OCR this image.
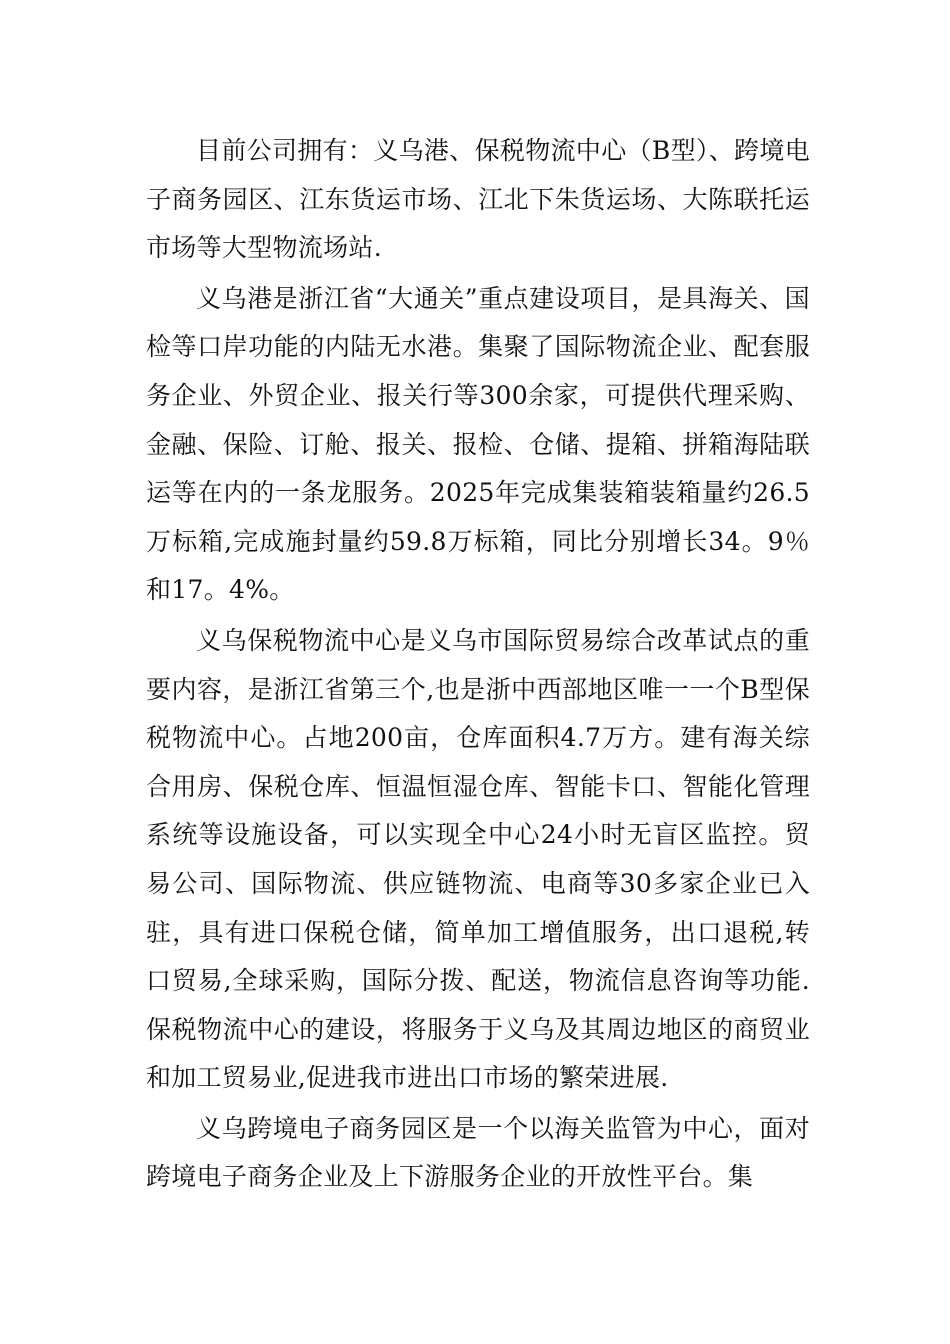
目前公司拥有：义乌港、保税物流中心（B型）、跨境电子商务园区、江东货运市场、江北下朱货运场、大陈联托运市场等大型物流场站.

义乌港是浙江省“大通关”重点建设项目，是具海关、国检等口岸功能的内陆无水港。集聚了国际物流企业、配套服务企业、外贸企业、报关行等300余家，可提供代理采购、金融、保险、订舱、报关、报检、仓储、提箱、拼箱海陆联运等在内的一条龙服务。2025年完成集装箱装箱量约26.5万标箱,完成施封量约59.8万标箱，同比分别增长34。9％和17。4%。

义乌保税物流中心是义乌市国际贸易综合改革试点的重要内容，是浙江省第三个,也是浙中西部地区唯一一个B型保税物流中心。占地200亩，仓库面积4.7万方。建有海关综合用房、保税仓库、恒温恒湿仓库、智能卡口、智能化管理系统等设施设备，可以实现全中心24小时无盲区监控。贸易公司、国际物流、供应链物流、电商等30多家企业已入驻，具有进口保税仓储，简单加工增值服务，出口退税,转口贸易,全球采购，国际分拨、配送，物流信息咨询等功能.保税物流中心的建设，将服务于义乌及其周边地区的商贸业和加工贸易业,促进我市进出口市场的繁荣进展.

义乌跨境电子商务园区是一个以海关监管为中心，面对跨境电子商务企业及上下游服务企业的开放性平台。集
